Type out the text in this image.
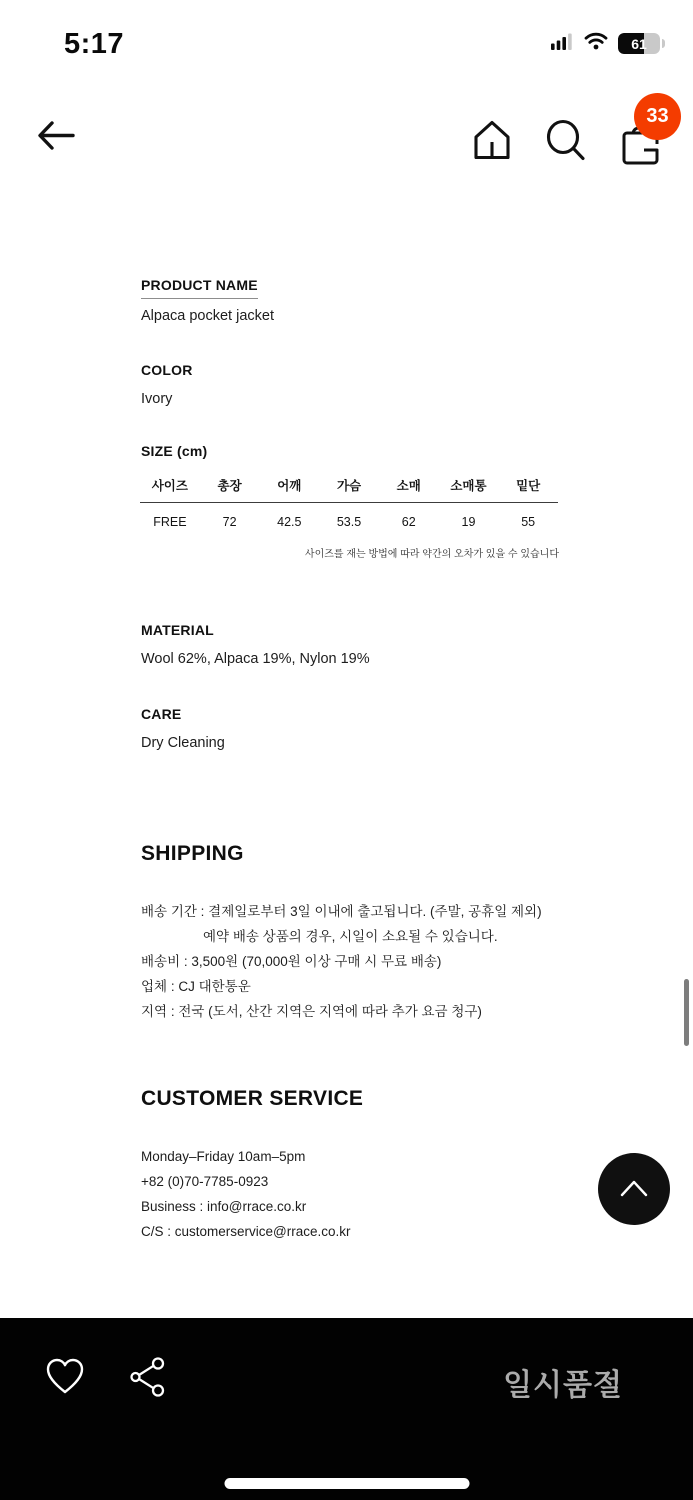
5:17	61
33
PRODUCT NAME
Alpaca pocket jacket
COLOR
Ivory
SIZE (cm)
사이즈	총장	어깨	가슴	소매	소매통	밑단
FREE	72	42.5	53.5	62	19	55
사이즈를 재는 방법에 따라 약간의 오차가 있을 수 있습니다
MATERIAL
Wool 62%, Alpaca 19%, Nylon 19%
CARE
Dry Cleaning
SHIPPING

배송 기간 : 결제일로부터 3일 이내에 출고됩니다. (주말, 공휴일 제외)

예약 배송 상품의 경우, 시일이 소요될 수 있습니다.

배송비 : 3,500원 (70,000원 이상 구매 시 무료 배송)

업체 : CJ 대한통운

지역 : 전국 (도서, 산간 지역은 지역에 따라 추가 요금 청구)

CUSTOMER SERVICE

Monday–Friday 10am–5pm

+82 (0)70-7785-0923

Business : info@rrace.co.kr

C/S : customerservice@rrace.co.kr

일시품절
